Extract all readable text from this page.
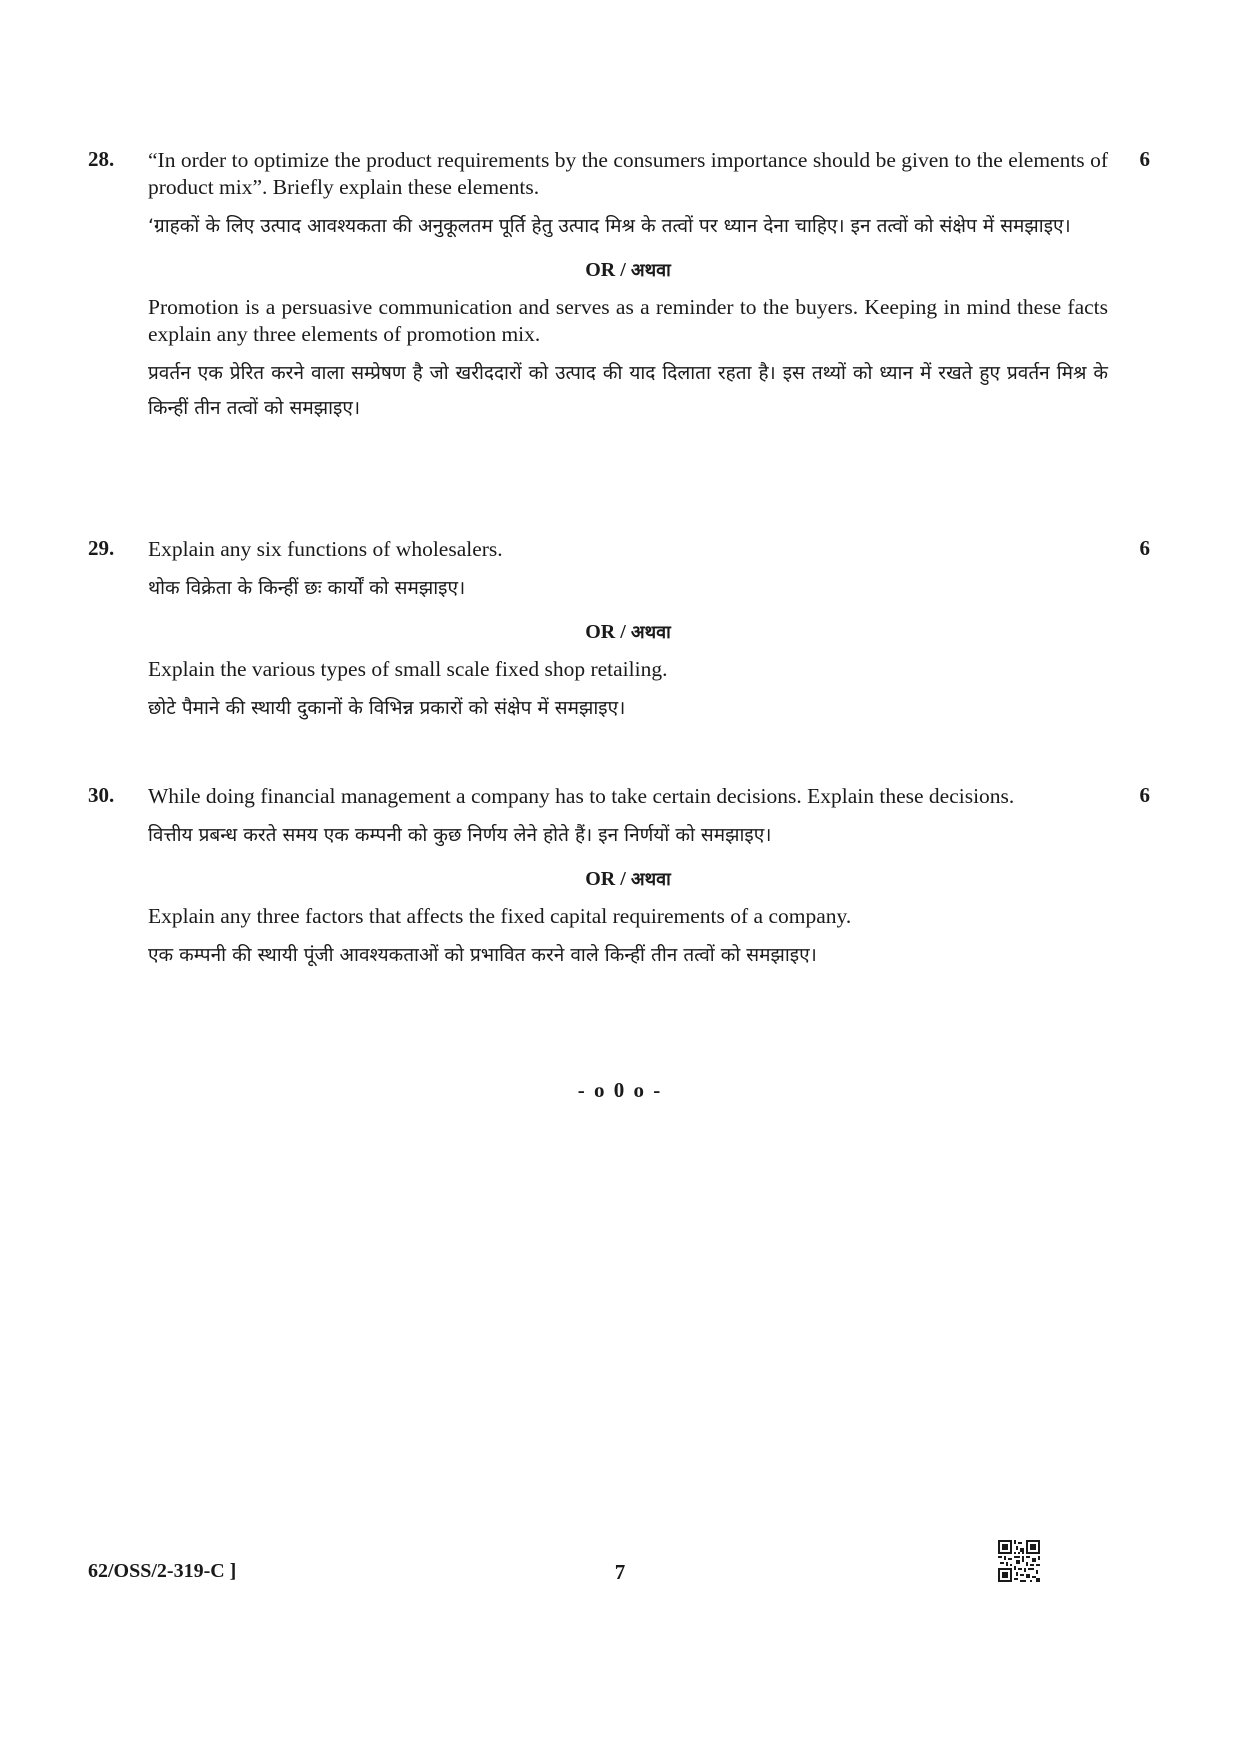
28.	6

“In order to optimize the product requirements by the consumers importance should be given to the elements of product mix”. Briefly explain these elements.

‘ग्राहकों के लिए उत्पाद आवश्यकता की अनुकूलतम पूर्ति हेतु उत्पाद मिश्र के तत्वों पर ध्यान देना चाहिए। इन तत्वों को संक्षेप में समझाइए।

OR / अथवा

Promotion is a persuasive communication and serves as a reminder to the buyers. Keeping in mind these facts explain any three elements of promotion mix.

प्रवर्तन एक प्रेरित करने वाला सम्प्रेषण है जो खरीददारों को उत्पाद की याद दिलाता रहता है। इस तथ्यों को ध्यान में रखते हुए प्रवर्तन मिश्र के किन्हीं तीन तत्वों को समझाइए।

29.	6

Explain any six functions of wholesalers.

थोक विक्रेता के किन्हीं छः कार्यों को समझाइए।

OR / अथवा

Explain the various types of small scale fixed shop retailing.

छोटे पैमाने की स्थायी दुकानों के विभिन्न प्रकारों को संक्षेप में समझाइए।

30.	6

While doing financial management a company has to take certain decisions. Explain these decisions.

वित्तीय प्रबन्ध करते समय एक कम्पनी को कुछ निर्णय लेने होते हैं। इन निर्णयों को समझाइए।

OR / अथवा

Explain any three factors that affects the fixed capital requirements of a company.

एक कम्पनी की स्थायी पूंजी आवश्यकताओं को प्रभावित करने वाले किन्हीं तीन तत्वों को समझाइए।

- o 0 o -
62/OSS/2-319-C ]	7
